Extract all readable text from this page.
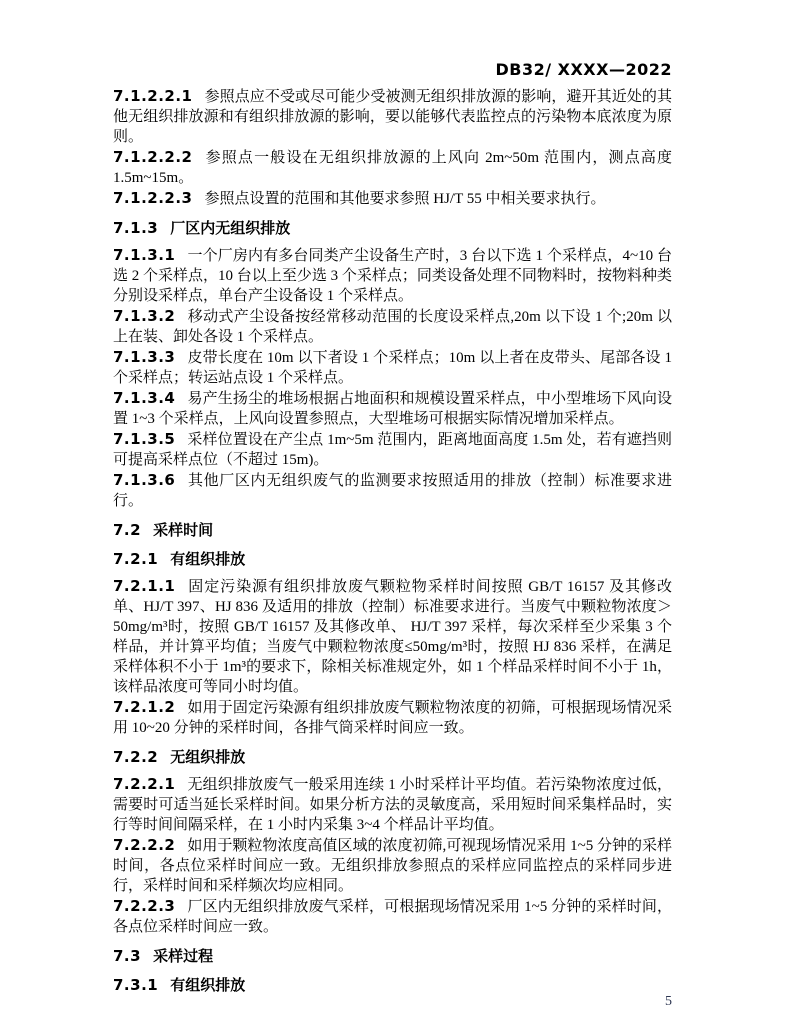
DB32/ XXXX—2022

7.1.2.2.1 参照点应不受或尽可能少受被测无组织排放源的影响，避开其近处的其他无组织排放源和有组织排放源的影响，要以能够代表监控点的污染物本底浓度为原则。

7.1.2.2.2 参照点一般设在无组织排放源的上风向 2m~50m 范围内，测点高度 1.5m~15m。

7.1.2.2.3 参照点设置的范围和其他要求参照 HJ/T 55 中相关要求执行。

7.1.3 厂区内无组织排放

7.1.3.1 一个厂房内有多台同类产尘设备生产时，3 台以下选 1 个采样点，4~10 台选 2 个采样点，10 台以上至少选 3 个采样点；同类设备处理不同物料时，按物料种类分别设采样点，单台产尘设备设 1 个采样点。

7.1.3.2 移动式产尘设备按经常移动范围的长度设采样点,20m 以下设 1 个;20m 以上在装、卸处各设 1 个采样点。

7.1.3.3 皮带长度在 10m 以下者设 1 个采样点；10m 以上者在皮带头、尾部各设 1 个采样点；转运站点设 1 个采样点。

7.1.3.4 易产生扬尘的堆场根据占地面积和规模设置采样点，中小型堆场下风向设置 1~3 个采样点，上风向设置参照点，大型堆场可根据实际情况增加采样点。

7.1.3.5 采样位置设在产尘点 1m~5m 范围内，距离地面高度 1.5m 处，若有遮挡则可提高采样点位（不超过 15m)。

7.1.3.6 其他厂区内无组织废气的监测要求按照适用的排放（控制）标准要求进行。

7.2 采样时间
7.2.1 有组织排放

7.2.1.1 固定污染源有组织排放废气颗粒物采样时间按照 GB/T 16157 及其修改单、HJ/T 397、HJ 836 及适用的排放（控制）标准要求进行。当废气中颗粒物浓度＞50mg/m³时，按照 GB/T 16157 及其修改单、 HJ/T 397 采样，每次采样至少采集 3 个样品，并计算平均值；当废气中颗粒物浓度≤50mg/m³时，按照 HJ 836 采样，在满足采样体积不小于 1m³的要求下，除相关标准规定外，如 1 个样品采样时间不小于 1h，该样品浓度可等同小时均值。

7.2.1.2 如用于固定污染源有组织排放废气颗粒物浓度的初筛，可根据现场情况采用 10~20 分钟的采样时间，各排气筒采样时间应一致。

7.2.2 无组织排放

7.2.2.1 无组织排放废气一般采用连续 1 小时采样计平均值。若污染物浓度过低，需要时可适当延长采样时间。如果分析方法的灵敏度高，采用短时间采集样品时，实行等时间间隔采样，在 1 小时内采集 3~4 个样品计平均值。

7.2.2.2 如用于颗粒物浓度高值区域的浓度初筛,可视现场情况采用 1~5 分钟的采样时间，各点位采样时间应一致。无组织排放参照点的采样应同监控点的采样同步进行，采样时间和采样频次均应相同。

7.2.2.3 厂区内无组织排放废气采样，可根据现场情况采用 1~5 分钟的采样时间，各点位采样时间应一致。

7.3 采样过程
7.3.1 有组织排放
5
